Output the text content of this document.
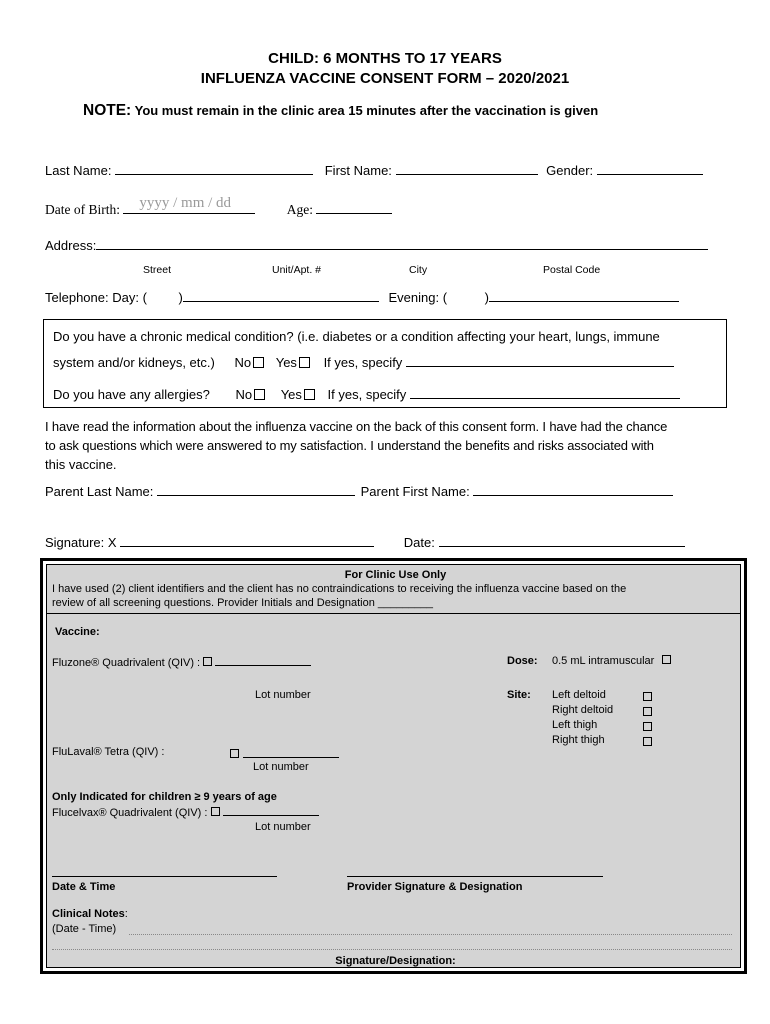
CHILD: 6 MONTHS TO 17 YEARS
INFLUENZA VACCINE CONSENT FORM – 2020/2021
NOTE: You must remain in the clinic area 15 minutes after the vaccination is given
Last Name:	First Name:	Gender:
Date of Birth: yyyy / mm / dd	Age:
Address:
Street	Unit/Apt. #	City	Postal Code
Telephone: Day: ( )	Evening: (	)
Do you have a chronic medical condition? (i.e. diabetes or a condition affecting your heart, lungs, immune
system and/or kidneys, etc.) No Yes If yes, specify
Do you have any allergies? No Yes If yes, specify
I have read the information about the influenza vaccine on the back of this consent form. I have had the chance
to ask questions which were answered to my satisfaction. I understand the benefits and risks associated with
this vaccine.
Parent Last Name:	Parent First Name:
Signature: X	Date:
For Clinic Use Only
I have used (2) client identifiers and the client has no contraindications to receiving the influenza vaccine based on the
review of all screening questions. Provider Initials and Designation _________
Vaccine:
Fluzone® Quadrivalent (QIV) :
Lot number
Dose: 0.5 mL intramuscular
Site: Left deltoid
Right deltoid
Left thigh
Right thigh
FluLaval® Tetra (QIV) :
Lot number
Only Indicated for children ≥ 9 years of age
Flucelvax® Quadrivalent (QIV) :
Lot number
Date & Time	Provider Signature & Designation
Clinical Notes:
(Date - Time)
Signature/Designation:
